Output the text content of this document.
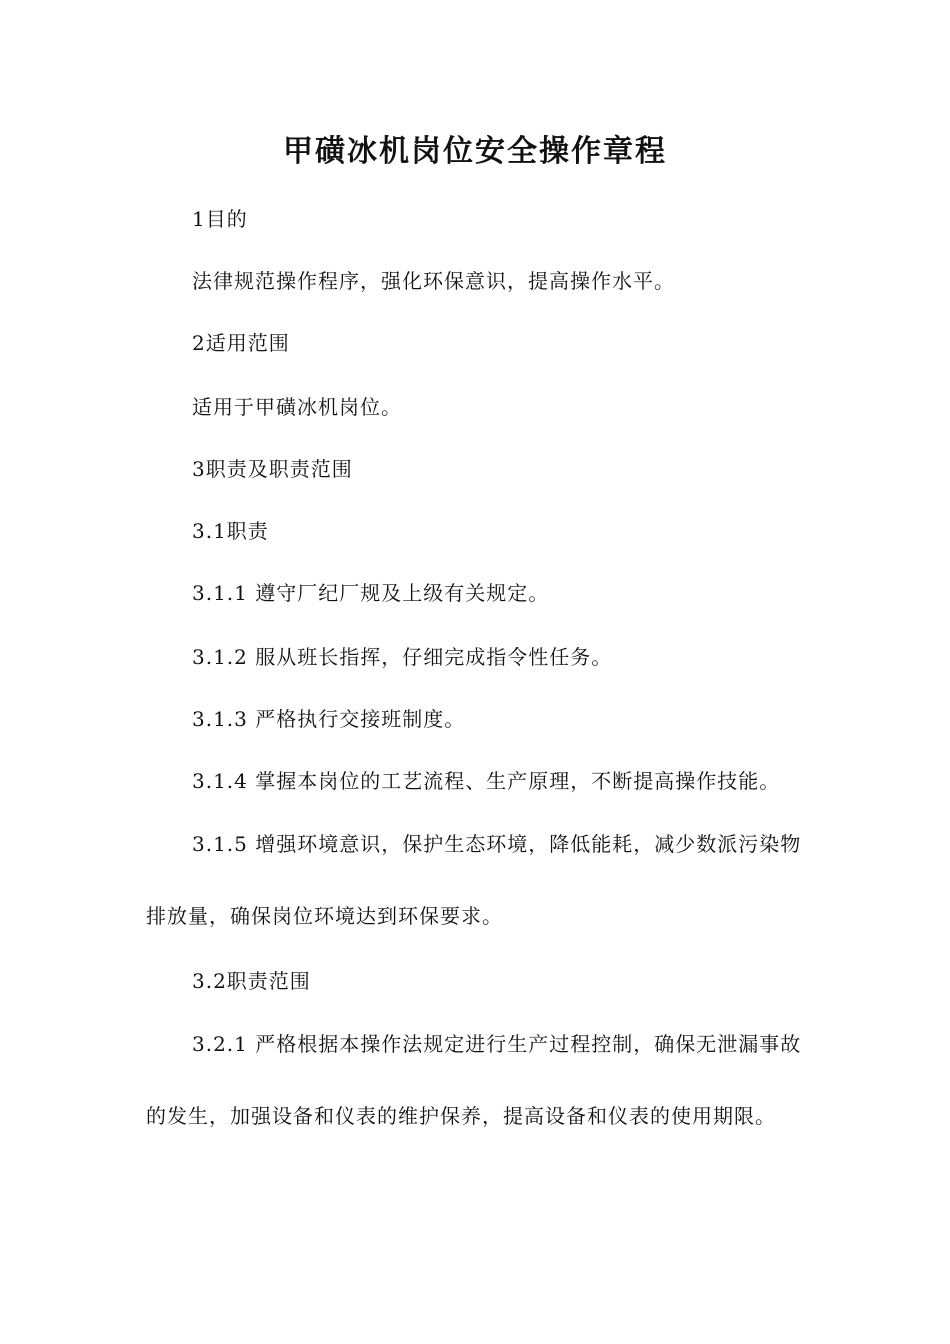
甲磺冰机岗位安全操作章程

1目的

法律规范操作程序，强化环保意识，提高操作水平。

2适用范围

适用于甲磺冰机岗位。

3职责及职责范围

3.1职责

3.1.1 遵守厂纪厂规及上级有关规定。

3.1.2 服从班长指挥，仔细完成指令性任务。

3.1.3 严格执行交接班制度。

3.1.4 掌握本岗位的工艺流程、生产原理，不断提高操作技能。

3.1.5 增强环境意识，保护生态环境，降低能耗，减少数派污染物排放量，确保岗位环境达到环保要求。

3.2职责范围

3.2.1 严格根据本操作法规定进行生产过程控制，确保无泄漏事故的发生，加强设备和仪表的维护保养，提高设备和仪表的使用期限。
